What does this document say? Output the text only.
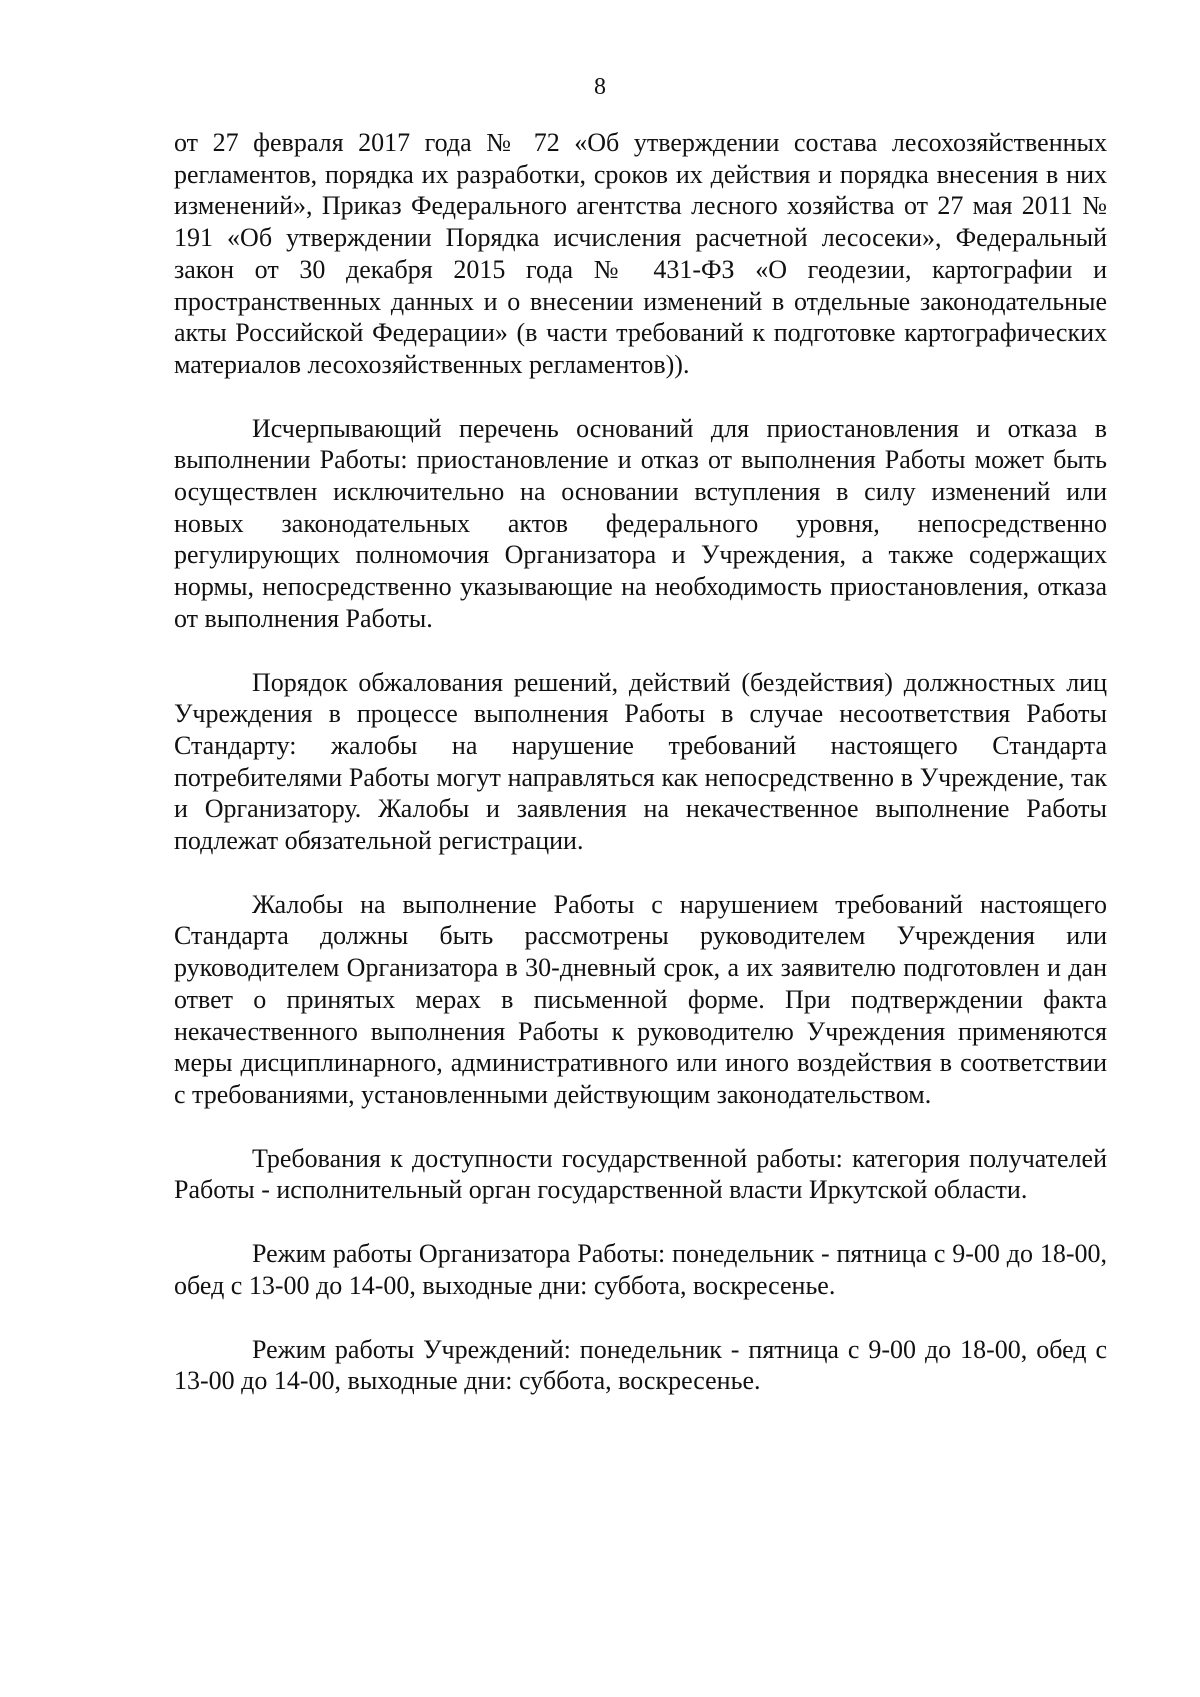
8

от 27 февраля 2017 года № 72 «Об утверждении состава лесохозяйственных регламентов, порядка их разработки, сроков их действия и порядка внесения в них изменений», Приказ Федерального агентства лесного хозяйства от 27 мая 2011 № 191 «Об утверждении Порядка исчисления расчетной лесосеки», Федеральный закон от 30 декабря 2015 года № 431-ФЗ «О геодезии, картографии и пространственных данных и о внесении изменений в отдельные законодательные акты Российской Федерации» (в части требований к подготовке картографических материалов лесохозяйственных регламентов)).

Исчерпывающий перечень оснований для приостановления и отказа в выполнении Работы: приостановление и отказ от выполнения Работы может быть осуществлен исключительно на основании вступления в силу изменений или новых законодательных актов федерального уровня, непосредственно регулирующих полномочия Организатора и Учреждения, а также содержащих нормы, непосредственно указывающие на необходимость приостановления, отказа от выполнения Работы.

Порядок обжалования решений, действий (бездействия) должностных лиц Учреждения в процессе выполнения Работы в случае несоответствия Работы Стандарту: жалобы на нарушение требований настоящего Стандарта потребителями Работы могут направляться как непосредственно в Учреждение, так и Организатору. Жалобы и заявления на некачественное выполнение Работы подлежат обязательной регистрации.

Жалобы на выполнение Работы с нарушением требований настоящего Стандарта должны быть рассмотрены руководителем Учреждения или руководителем Организатора в 30-дневный срок, а их заявителю подготовлен и дан ответ о принятых мерах в письменной форме. При подтверждении факта некачественного выполнения Работы к руководителю Учреждения применяются меры дисциплинарного, административного или иного воздействия в соответствии с требованиями, установленными действующим законодательством.

Требования к доступности государственной работы: категория получателей Работы - исполнительный орган государственной власти Иркутской области.

Режим работы Организатора Работы: понедельник - пятница с 9-00 до 18-00, обед с 13-00 до 14-00, выходные дни: суббота, воскресенье.

Режим работы Учреждений: понедельник - пятница с 9-00 до 18-00, обед с 13-00 до 14-00, выходные дни: суббота, воскресенье.
